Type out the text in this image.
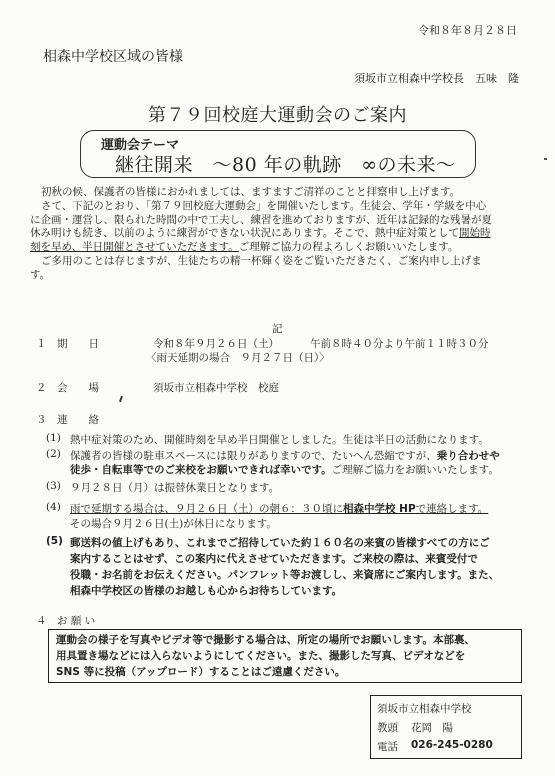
令和８年８月２８日
相森中学校区域の皆様
須坂市立相森中学校長　五味　隆
第７９回校庭大運動会のご案内
運動会テーマ
継往開来　～80 年の軌跡　∞の未来～
初秋の候、保護者の皆様におかれましては、ますますご清祥のことと拝察申し上げます。
さて、下記のとおり、「第７９回校庭大運動会」を開催いたします。生徒会、学年・学級を中心
に企画・運営し、限られた時間の中で工夫し、練習を進めておりますが、近年は記録的な残暑が夏
休み明けも続き、以前のように練習ができない状況にあります。そこで、熱中症対策として開始時
刻を早め、半日開催とさせていただきます。ご理解ご協力の程よろしくお願いいたします。
ご多用のことは存じますが、生徒たちの精一杯輝く姿をご覧いただきたく、ご案内申し上げま
す。
記
１　期　　日	令和８年９月２６日（土）	午前８時４０分より午前１１時３０分
〈雨天延期の場合　９月２７日（日）〉
２　会　　場	須坂市立相森中学校　校庭
３　連　　絡
(1) 熱中症対策のため、開催時刻を早め半日開催としました。生徒は半日の活動になります。
(2) 保護者の皆様の駐車スペースには限りがありますので、たいへん恐縮ですが、乗り合わせや
徒歩・自転車等でのご来校をお願いできれば幸いです。ご理解ご協力をお願いいたします。
(3) ９月２８日（月）は振替休業日となります。
(4) 雨で延期する場合は、９月２６日（土）の朝６：３０頃に相森中学校 HPで連絡します。
その場合９月２６日(土)が休日になります。
(5) 郵送料の値上げもあり、これまでご招待していた約１６０名の来賓の皆様すべての方にご
案内することはせず、この案内に代えさせていただきます。ご来校の際は、来賓受付で
役職・お名前をお伝えください。パンフレット等お渡しし、来資席にご案内します。また、
相森中学校区の皆様のお越しも心からお待ちしています。
４　お 願 い
運動会の様子を写真やビデオ等で撮影する場合は、所定の場所でお願いします。本部裏、
用具置き場などには入らないようにしてください。また、撮影した写真、ビデオなどを
SNS 等に投稿（アップロード）することはご遠慮ください。
須坂市立相森中学校
教頭 花岡　陽
電話 026-245-0280
